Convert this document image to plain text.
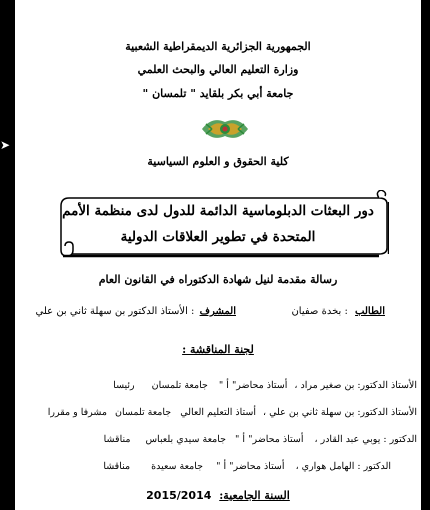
➤
الجمهورية الجزائرية الديمقراطية الشعبية
وزارة التعليم العالي والبحث العلمي
جامعة أبي بكر بلقايد " تلمسان "
كلية الحقوق و العلوم السياسية
دور البعثات الدبلوماسية الدائمة للدول لدى منظمة الأمم
المتحدة في تطوير العلاقات الدولية
رسالة مقدمة لنيل شهادة الدكتوراه في القانون العام
الطالب : بخدة صفيان
المشرف : الأستاذ الدكتور بن سهلة ثاني بن علي
لجنة المناقشة :
الأستاذ الدكتور: بن صغير مراد ، أستاذ محاضر" أ " جامعة تلمسان رئيسا
الأستاذ الدكتور: بن سهلة ثاني بن علي ، أستاذ التعليم العالي جامعة تلمسان مشرفا و مقررا
الدكتور : يوبي عبد القادر ، أستاذ محاضر" أ " جامعة سيدي بلعباس مناقشا
الدكتور : الهامل هواري ، أستاذ محاضر" أ " جامعة سعيدة مناقشا
السنة الجامعية: 2015/2014
